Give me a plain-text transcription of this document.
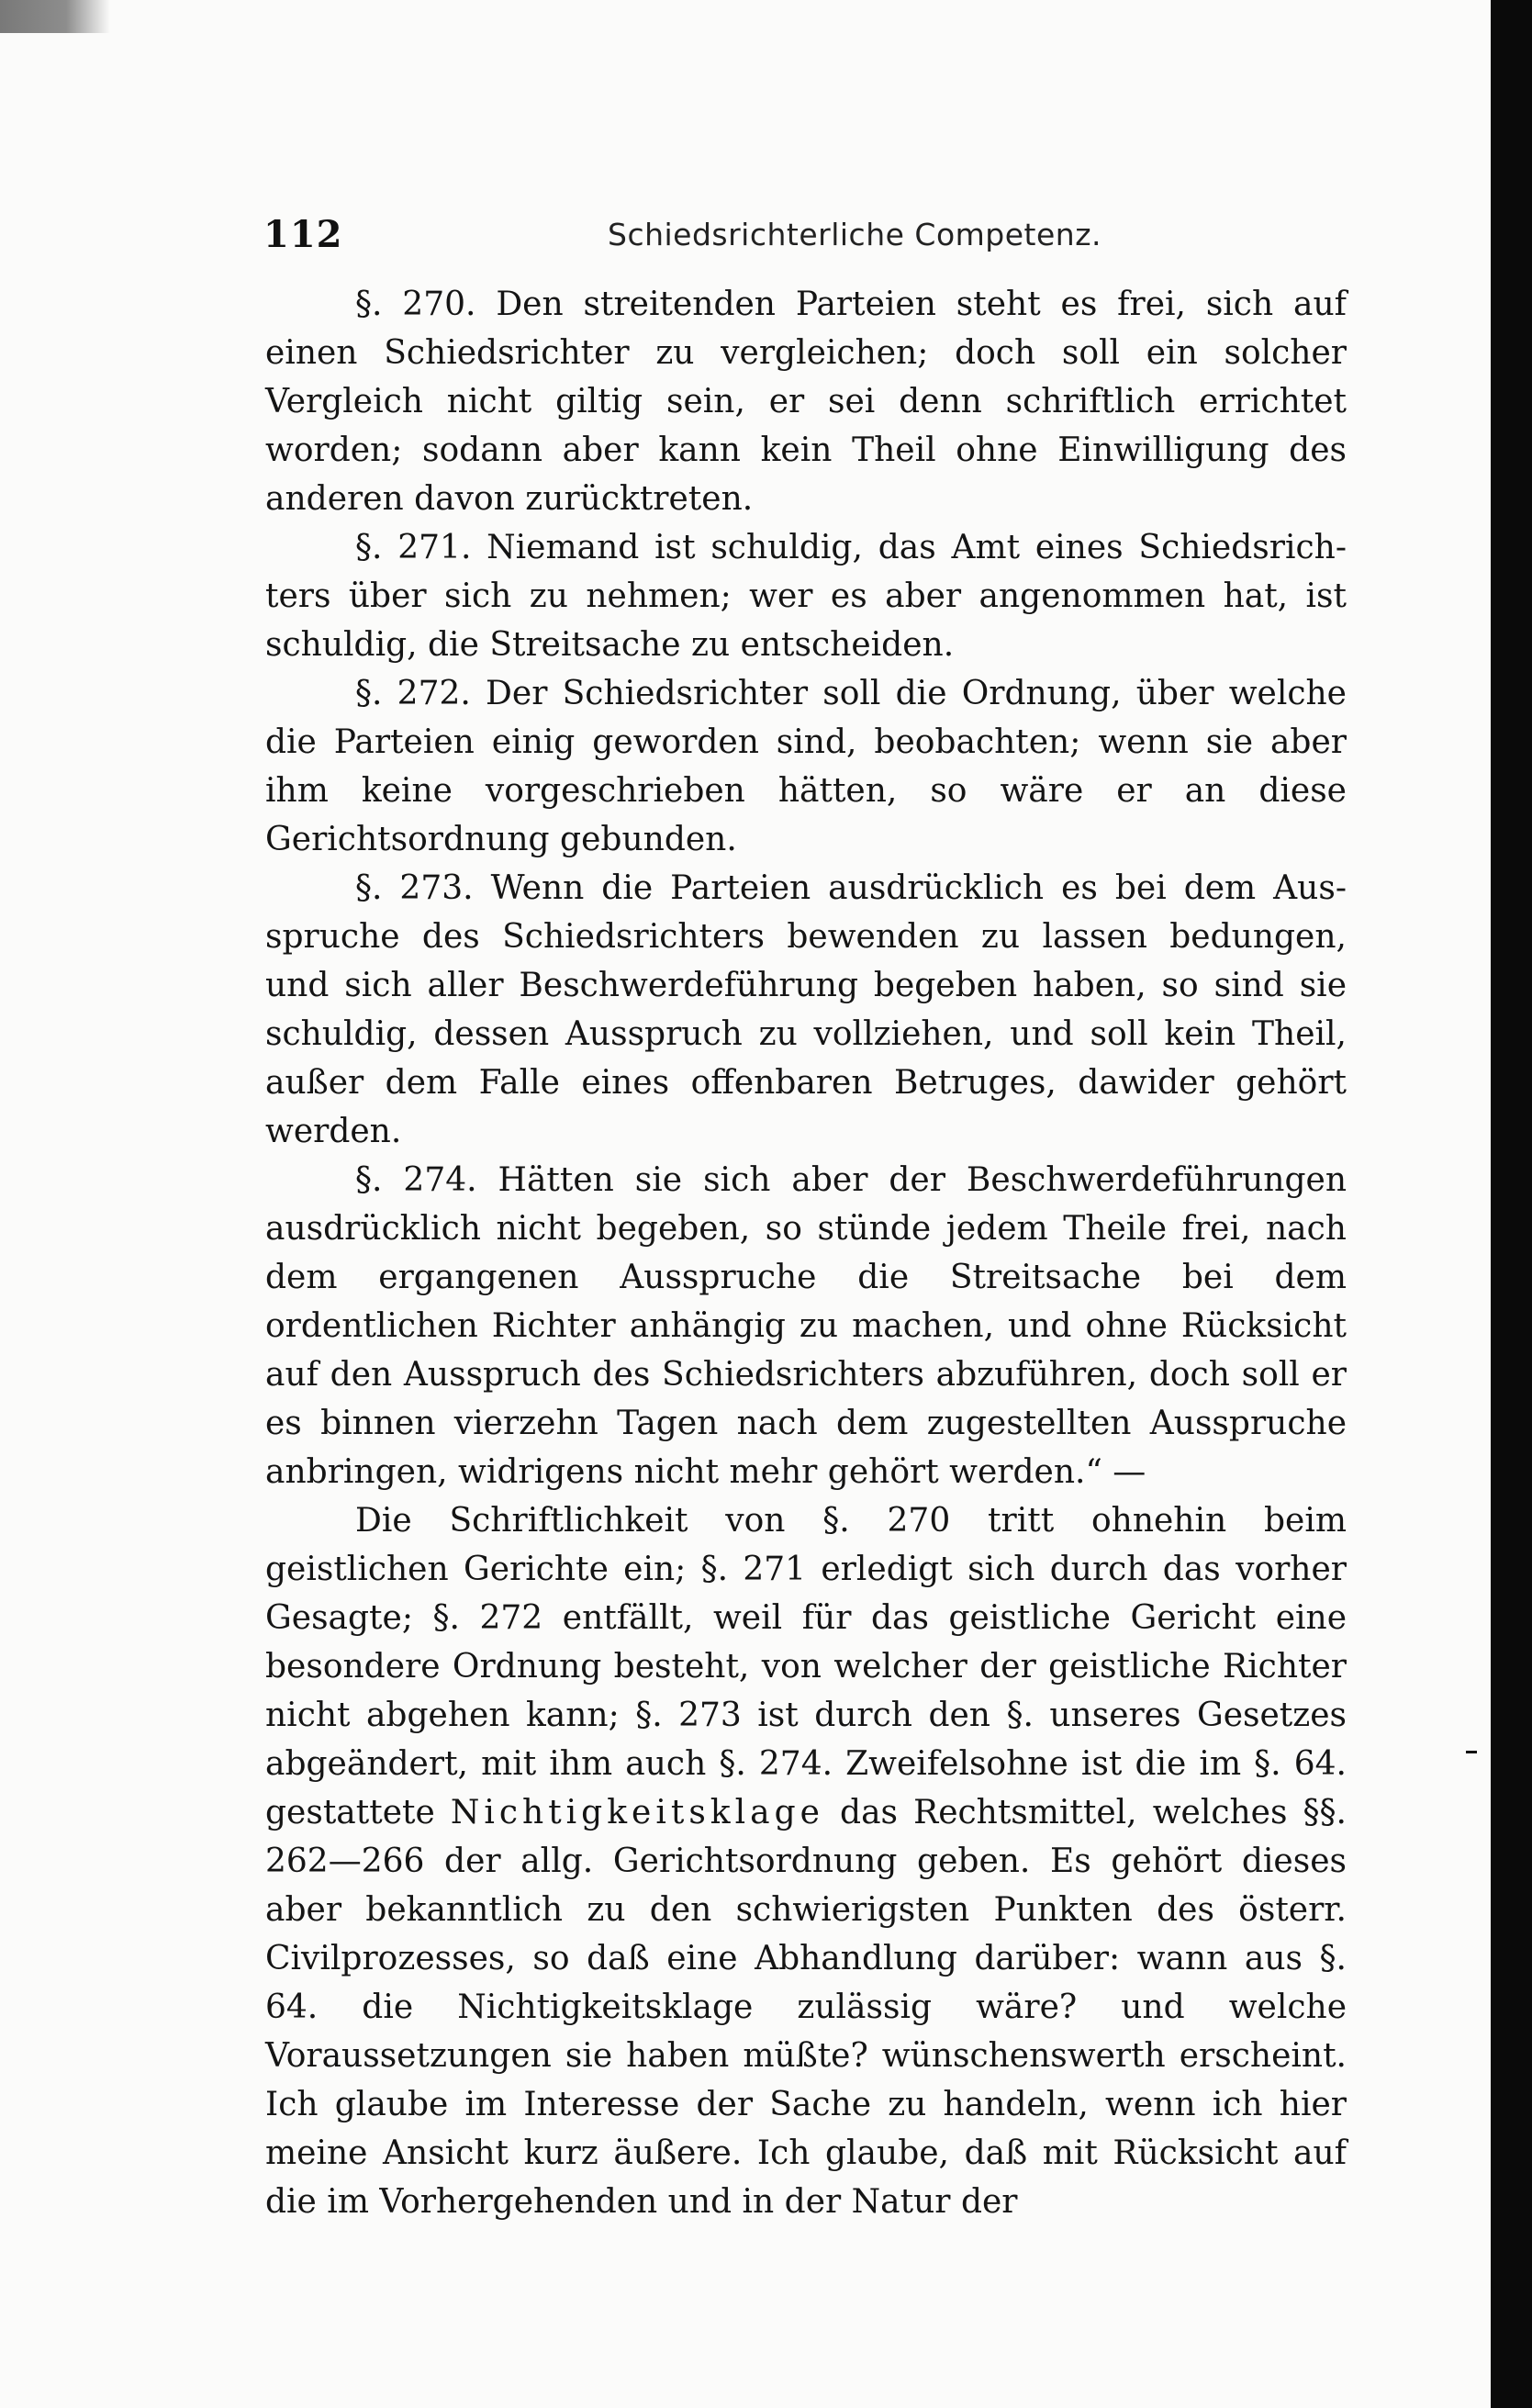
112	Schiedsrichterliche Competenz.

§. 270. Den streitenden Parteien steht es frei, sich auf einen Schiedsrichter zu vergleichen; doch soll ein solcher Vergleich nicht giltig sein, er sei denn schriftlich errichtet worden; sodann aber kann kein Theil ohne Einwilligung des anderen davon zurücktreten.

§. 271. Niemand ist schuldig, das Amt eines Schiedsrichters über sich zu nehmen; wer es aber angenommen hat, ist schuldig, die Streitsache zu entscheiden.

§. 272. Der Schiedsrichter soll die Ordnung, über welche die Parteien einig geworden sind, beobachten; wenn sie aber ihm keine vorgeschrieben hätten, so wäre er an diese Gerichtsordnung gebunden.

§. 273. Wenn die Parteien ausdrücklich es bei dem Ausspruche des Schiedsrichters bewenden zu lassen bedungen, und sich aller Beschwerdeführung begeben haben, so sind sie schuldig, dessen Ausspruch zu vollziehen, und soll kein Theil, außer dem Falle eines offenbaren Betruges, dawider gehört werden.

§. 274. Hätten sie sich aber der Beschwerdeführungen ausdrücklich nicht begeben, so stünde jedem Theile frei, nach dem ergangenen Ausspruche die Streitsache bei dem ordentlichen Richter anhängig zu machen, und ohne Rücksicht auf den Ausspruch des Schiedsrichters abzuführen, doch soll er es binnen vierzehn Tagen nach dem zugestellten Ausspruche anbringen, widrigens nicht mehr gehört werden.“ —

Die Schriftlichkeit von §. 270 tritt ohnehin beim geistlichen Gerichte ein; §. 271 erledigt sich durch das vorher Gesagte; §. 272 entfällt, weil für das geistliche Gericht eine besondere Ordnung besteht, von welcher der geistliche Richter nicht abgehen kann; §. 273 ist durch den §. unseres Gesetzes abgeändert, mit ihm auch §. 274. Zweifelsohne ist die im §. 64. gestattete Nichtigkeitsklage das Rechtsmittel, welches §§. 262—266 der allg. Gerichtsordnung geben. Es gehört dieses aber bekanntlich zu den schwierigsten Punkten des österr. Civilprozesses, so daß eine Abhandlung darüber: wann aus §. 64. die Nichtigkeitsklage zulässig wäre? und welche Voraussetzungen sie haben müßte? wünschenswerth erscheint. Ich glaube im Interesse der Sache zu handeln, wenn ich hier meine Ansicht kurz äußere. Ich glaube, daß mit Rücksicht auf die im Vorhergehenden und in der Natur der
